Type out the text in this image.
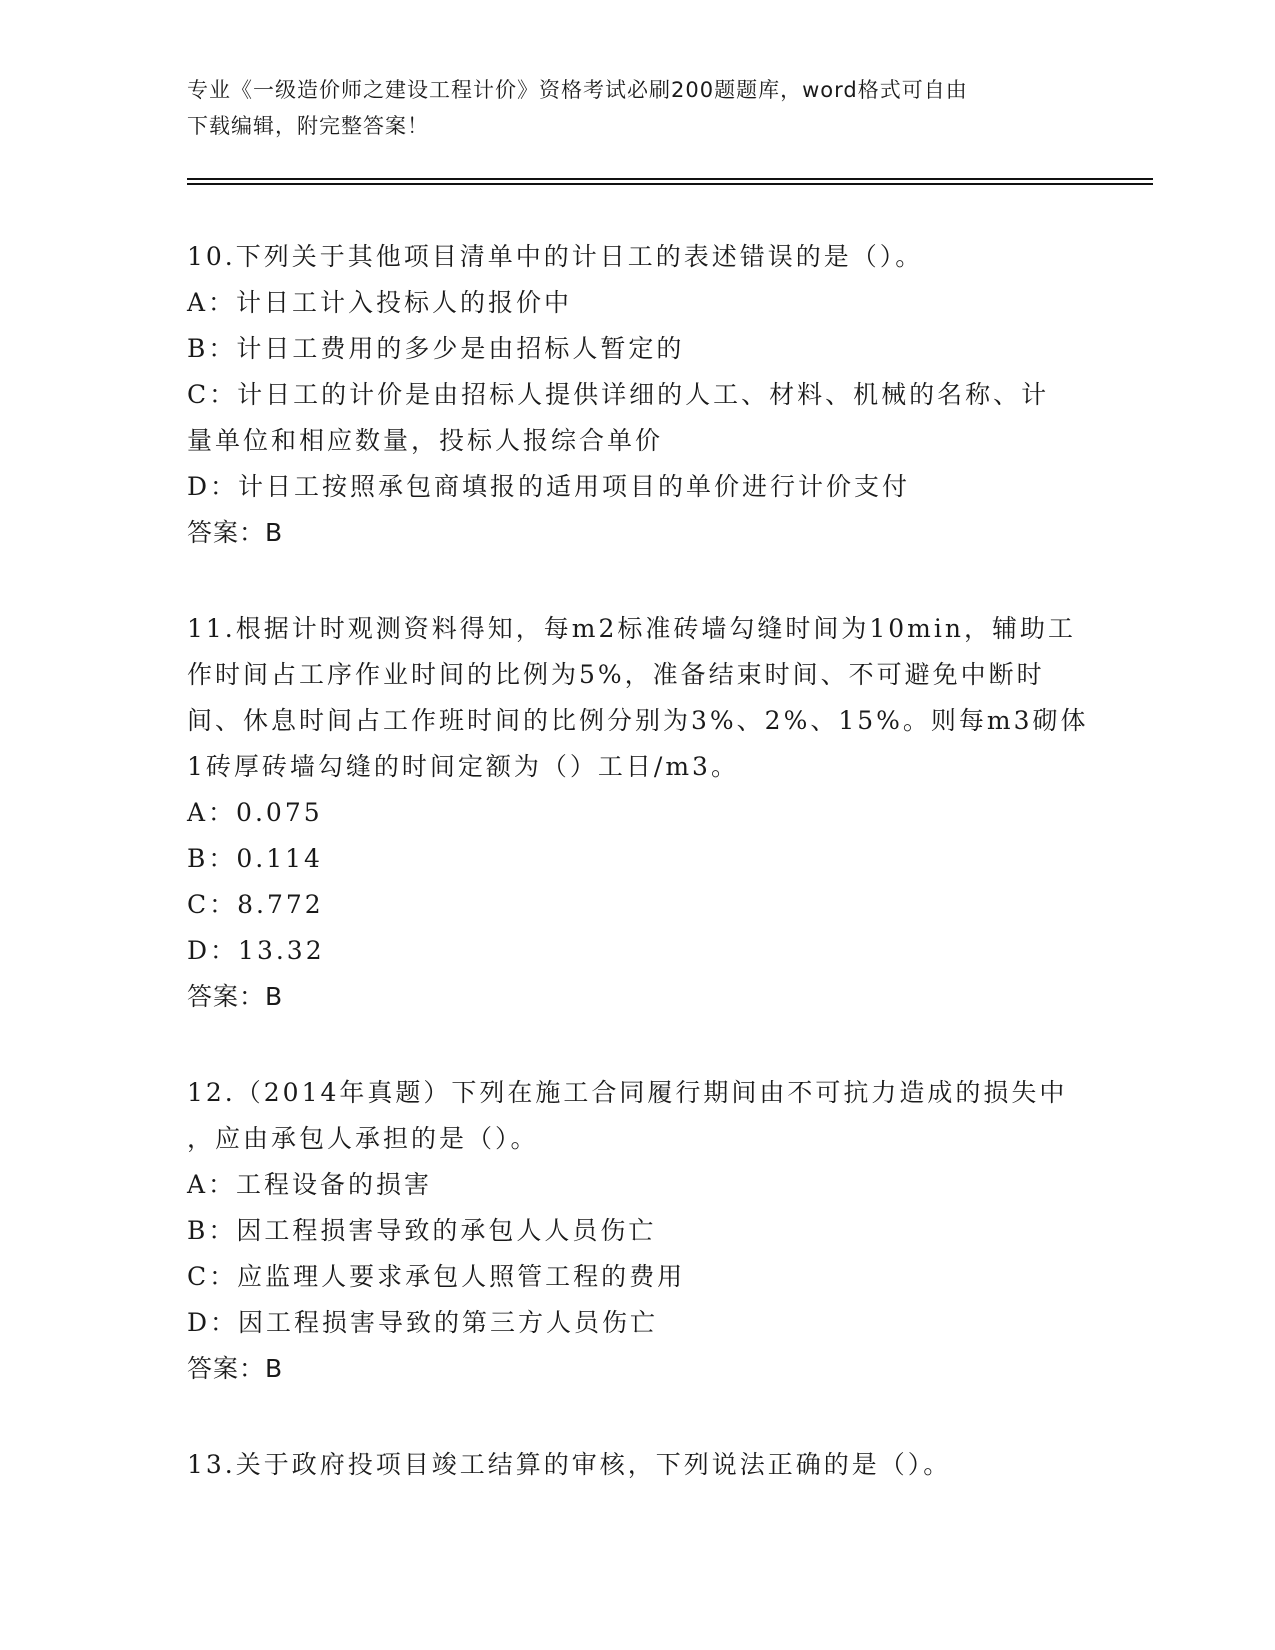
专业《一级造价师之建设工程计价》资格考试必刷200题题库，word格式可自由
下载编辑，附完整答案！
10.下列关于其他项目清单中的计日工的表述错误的是（）。
A：计日工计入投标人的报价中
B：计日工费用的多少是由招标人暂定的
C：计日工的计价是由招标人提供详细的人工、材料、机械的名称、计
量单位和相应数量，投标人报综合单价
D：计日工按照承包商填报的适用项目的单价进行计价支付
答案：B
11.根据计时观测资料得知，每m2标准砖墙勾缝时间为10min，辅助工
作时间占工序作业时间的比例为5%，准备结束时间、不可避免中断时
间、休息时间占工作班时间的比例分别为3%、2%、15%。则每m3砌体
1砖厚砖墙勾缝的时间定额为（）工日/m3。
A：0.075
B：0.114
C：8.772
D：13.32
答案：B
12.（2014年真题）下列在施工合同履行期间由不可抗力造成的损失中
，应由承包人承担的是（）。
A：工程设备的损害
B：因工程损害导致的承包人人员伤亡
C：应监理人要求承包人照管工程的费用
D：因工程损害导致的第三方人员伤亡
答案：B
13.关于政府投项目竣工结算的审核，下列说法正确的是（）。
